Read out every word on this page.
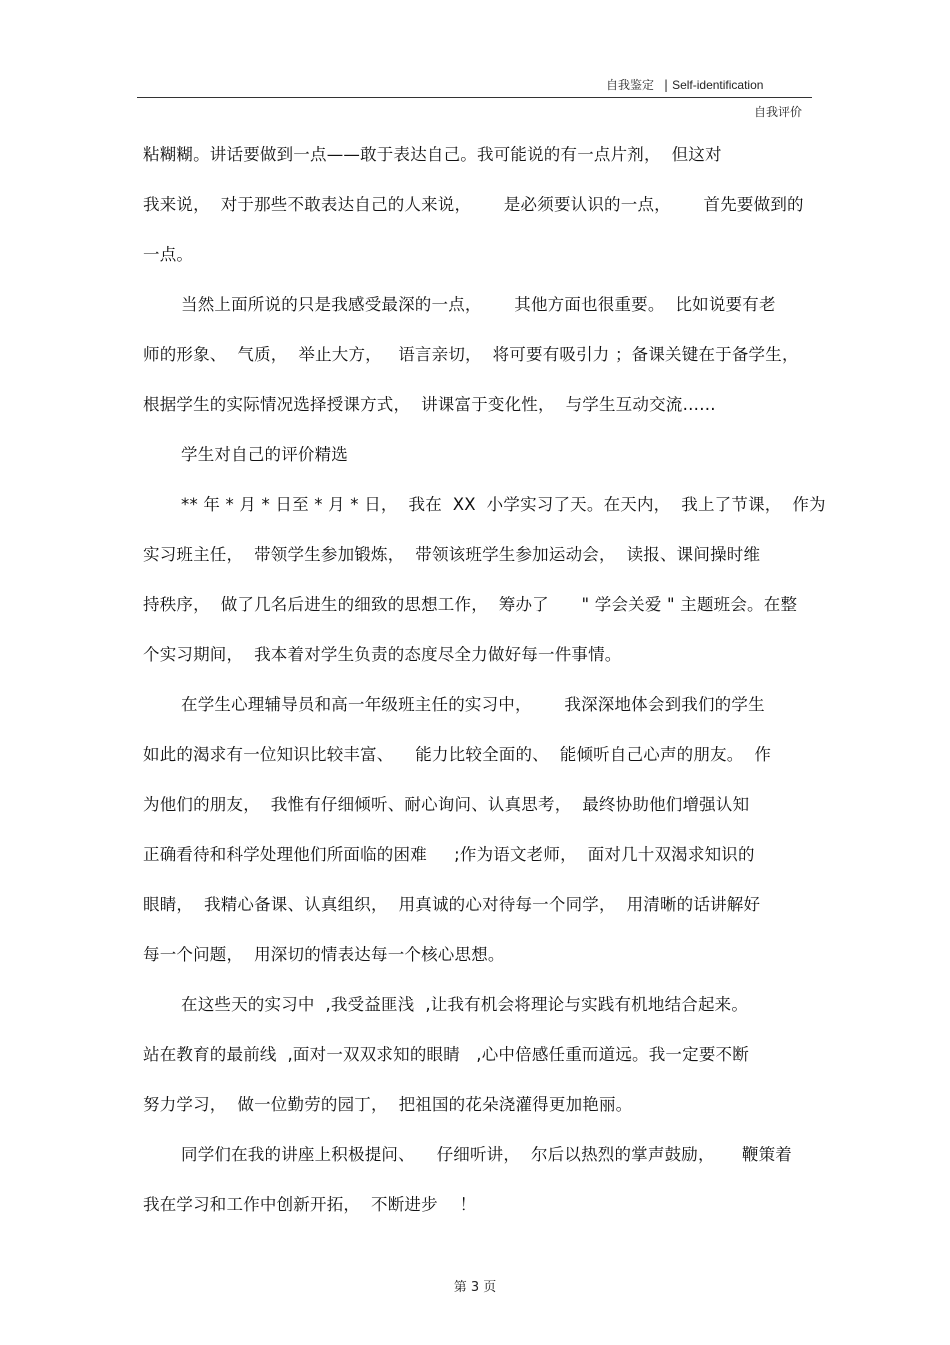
自我鉴定 | Self-identification
自我评价
粘糊糊。讲话要做到一点——敢于表达自己。我可能说的有一点片剂，  但这对
我来说，  对于那些不敢表达自己的人来说，      是必须要认识的一点，      首先要做到的
一点。
当然上面所说的只是我感受最深的一点，      其他方面也很重要。  比如说要有老
师的形象、  气质，  举止大方，   语言亲切，  将可要有吸引力 ；备课关键在于备学生，
根据学生的实际情况选择授课方式，  讲课富于变化性，  与学生互动交流……
学生对自己的评价精选
** 年 * 月 * 日至 * 月 * 日，  我在  XX  小学实习了天。在天内，  我上了节课，  作为
实习班主任，  带领学生参加锻炼，  带领该班学生参加运动会，  读报、课间操时维
持秩序，  做了几名后进生的细致的思想工作，  筹办了      " 学会关爱 " 主题班会。在整
个实习期间，  我本着对学生负责的态度尽全力做好每一件事情。
在学生心理辅导员和高一年级班主任的实习中，      我深深地体会到我们的学生
如此的渴求有一位知识比较丰富、    能力比较全面的、  能倾听自己心声的朋友。  作
为他们的朋友，  我惟有仔细倾听、耐心询问、认真思考，  最终协助他们增强认知
正确看待和科学处理他们所面临的困难     ;作为语文老师，  面对几十双渴求知识的
眼睛，  我精心备课、认真组织，  用真诚的心对待每一个同学，  用清晰的话讲解好
每一个问题，  用深切的情表达每一个核心思想。
在这些天的实习中  ,我受益匪浅  ,让我有机会将理论与实践有机地结合起来。
站在教育的最前线  ,面对一双双求知的眼睛   ,心中倍感任重而道远。我一定要不断
努力学习，  做一位勤劳的园丁，  把祖国的花朵浇灌得更加艳丽。
同学们在我的讲座上积极提问、    仔细听讲，  尔后以热烈的掌声鼓励，     鞭策着
我在学习和工作中创新开拓，  不断进步    ！
第 3 页
